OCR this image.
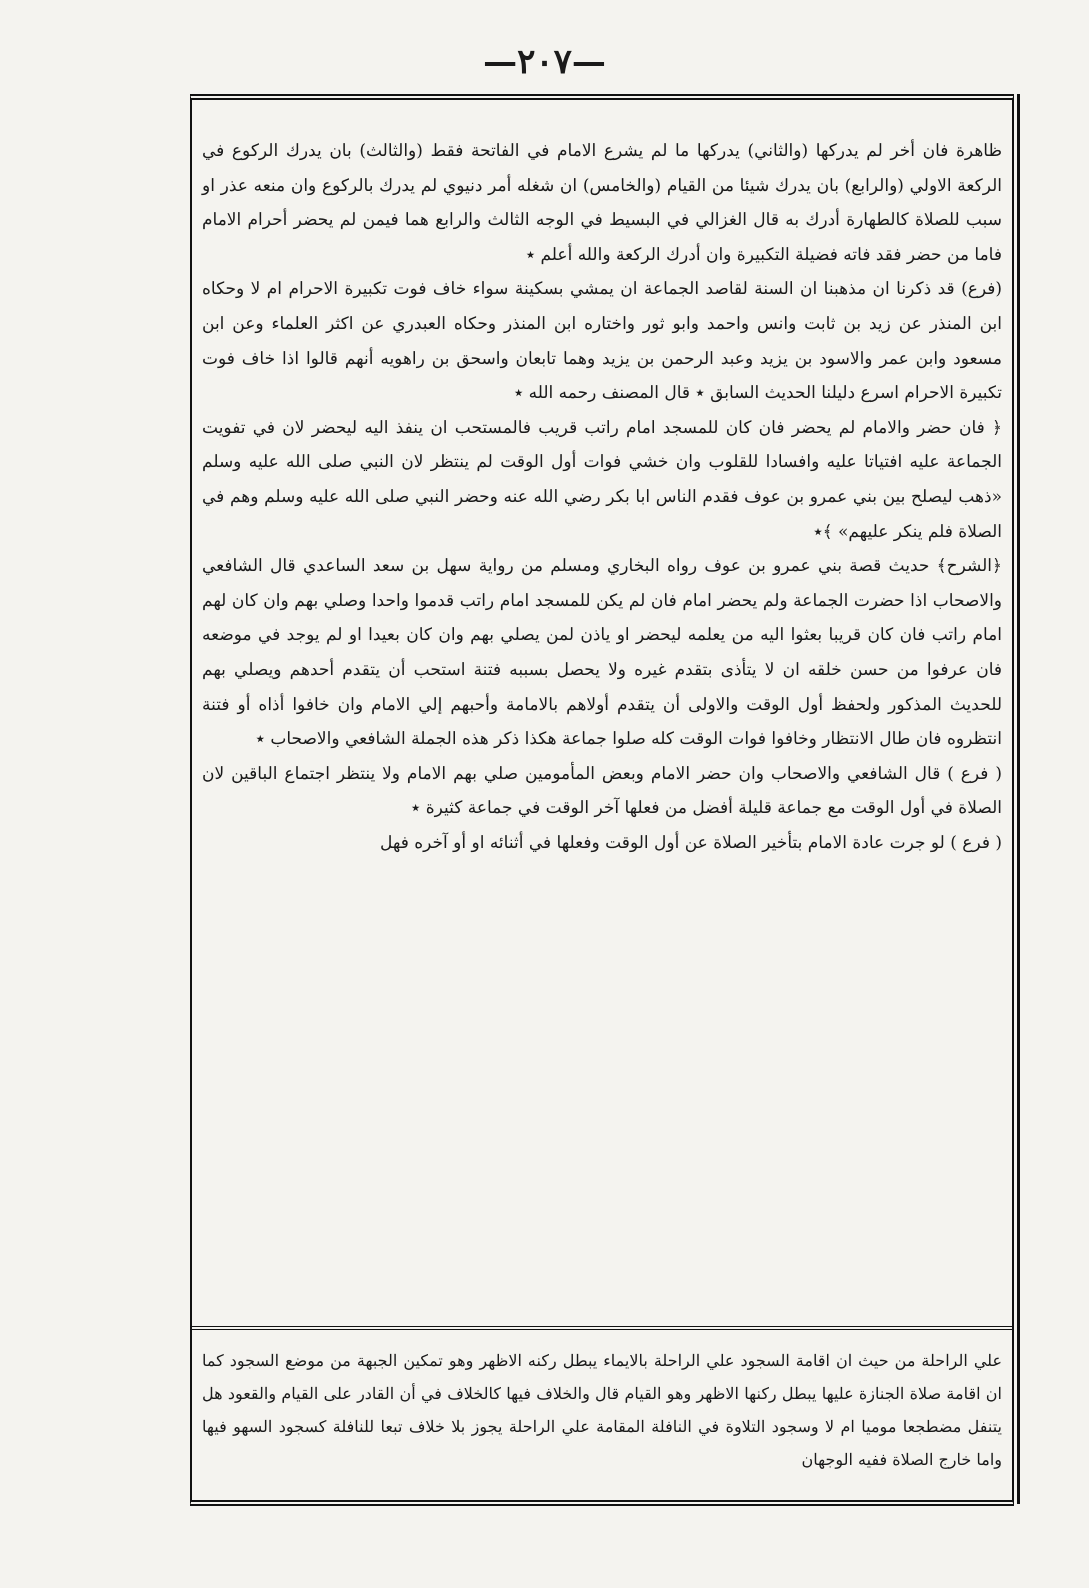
—٢٠٧—

ظاهرة فان أخر لم يدركها (والثاني) يدركها ما لم يشرع الامام في الفاتحة فقط (والثالث) بان يدرك الركوع في الركعة الاولي (والرابع) بان يدرك شيئا من القيام (والخامس) ان شغله أمر دنيوي لم يدرك بالركوع وان منعه عذر او سبب للصلاة كالطهارة أدرك به قال الغزالي في البسيط في الوجه الثالث والرابع هما فيمن لم يحضر أحرام الامام فاما من حضر فقد فاته فضيلة التكبيرة وان أدرك الركعة والله أعلم ٭

(فرع) قد ذكرنا ان مذهبنا ان السنة لقاصد الجماعة ان يمشي بسكينة سواء خاف فوت تكبيرة الاحرام ام لا وحكاه ابن المنذر عن زيد بن ثابت وانس واحمد وابو ثور واختاره ابن المنذر وحكاه العبدري عن اكثر العلماء وعن ابن مسعود وابن عمر والاسود بن يزيد وعبد الرحمن بن يزيد وهما تابعان واسحق بن راهويه أنهم قالوا اذا خاف فوت تكبيرة الاحرام اسرع دليلنا الحديث السابق ٭ قال المصنف رحمه الله ٭

﴿ فان حضر والامام لم يحضر فان كان للمسجد امام راتب قريب فالمستحب ان ينفذ اليه ليحضر لان في تفويت الجماعة عليه افتياتا عليه وافسادا للقلوب وان خشي فوات أول الوقت لم ينتظر لان النبي صلى الله عليه وسلم «ذهب ليصلح بين بني عمرو بن عوف فقدم الناس ابا بكر رضي الله عنه وحضر النبي صلى الله عليه وسلم وهم في الصلاة فلم ينكر عليهم» ﴾٭

﴿الشرح﴾ حديث قصة بني عمرو بن عوف رواه البخاري ومسلم من رواية سهل بن سعد الساعدي قال الشافعي والاصحاب اذا حضرت الجماعة ولم يحضر امام فان لم يكن للمسجد امام راتب قدموا واحدا وصلي بهم وان كان لهم امام راتب فان كان قريبا بعثوا اليه من يعلمه ليحضر او ياذن لمن يصلي بهم وان كان بعيدا او لم يوجد في موضعه فان عرفوا من حسن خلقه ان لا يتأذى بتقدم غيره ولا يحصل بسببه فتنة استحب أن يتقدم أحدهم ويصلي بهم للحديث المذكور ولحفظ أول الوقت والاولى أن يتقدم أولاهم بالامامة وأحبهم إلي الامام وان خافوا أذاه أو فتنة انتظروه فان طال الانتظار وخافوا فوات الوقت كله صلوا جماعة هكذا ذكر هذه الجملة الشافعي والاصحاب ٭

( فرع ) قال الشافعي والاصحاب وان حضر الامام وبعض المأمومين صلي بهم الامام ولا ينتظر اجتماع الباقين لان الصلاة في أول الوقت مع جماعة قليلة أفضل من فعلها آخر الوقت في جماعة كثيرة ٭

( فرع ) لو جرت عادة الامام بتأخير الصلاة عن أول الوقت وفعلها في أثنائه او أو آخره فهل

علي الراحلة من حيث ان اقامة السجود علي الراحلة بالايماء يبطل ركنه الاظهر وهو تمكين الجبهة من موضع السجود كما ان اقامة صلاة الجنازة عليها يبطل ركنها الاظهر وهو القيام قال والخلاف فيها كالخلاف في أن القادر على القيام والقعود هل يتنفل مضطجعا موميا ام لا وسجود التلاوة في النافلة المقامة علي الراحلة يجوز بلا خلاف تبعا للنافلة كسجود السهو فيها واما خارج الصلاة ففيه الوجهان
